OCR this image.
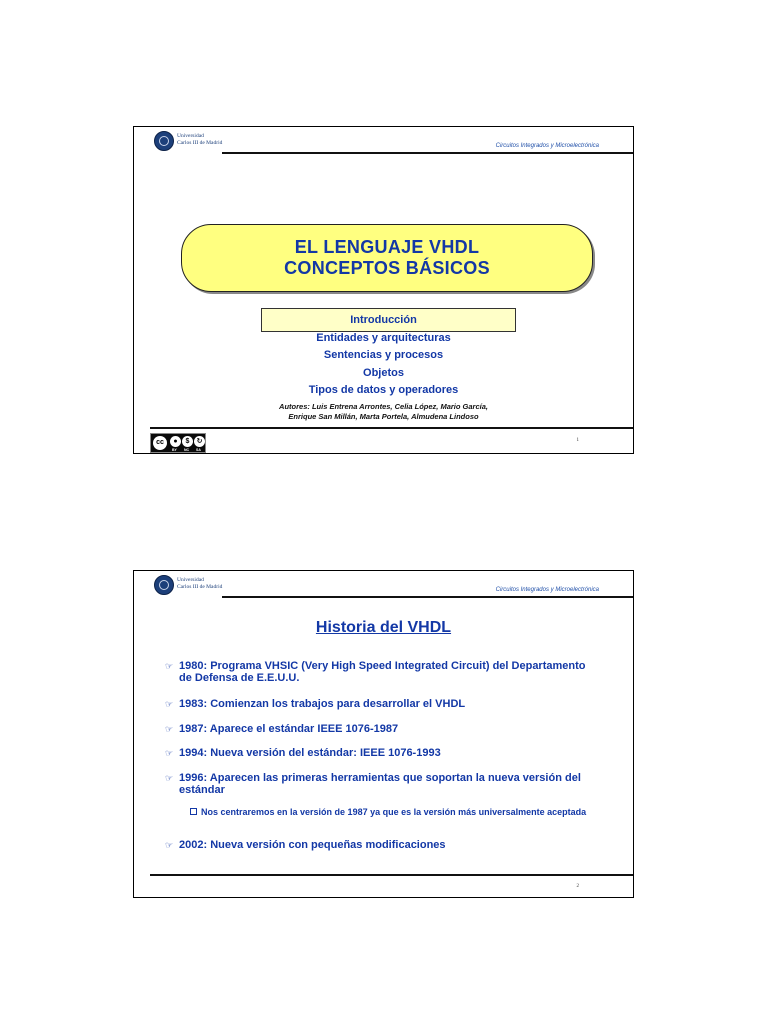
Universidad
Carlos III de Madrid
Circuitos Integrados y Microelectrónica
EL LENGUAJE VHDL
CONCEPTOS BÁSICOS
Introducción
Entidades y arquitecturas
Sentencias y procesos
Objetos
Tipos de datos y operadores
Autores: Luis Entrena Arrontes, Celia López, Mario García,
Enrique San Millán, Marta Portela, Almudena Lindoso
cc	●	$	↻
BY NC SA
1
Universidad
Carlos III de Madrid
Circuitos Integrados y Microelectrónica
Historia del VHDL
☞ 1980: Programa VHSIC (Very High Speed Integrated Circuit) del Departamento de Defensa de E.E.U.U.
☞ 1983: Comienzan los trabajos para desarrollar el VHDL
☞ 1987: Aparece el estándar IEEE 1076-1987
☞ 1994: Nueva versión del estándar: IEEE 1076-1993
☞ 1996: Aparecen las primeras herramientas que soportan la nueva versión del estándar
Nos centraremos en la versión de 1987 ya que es la versión más universalmente aceptada
☞ 2002: Nueva versión con pequeñas modificaciones
2
